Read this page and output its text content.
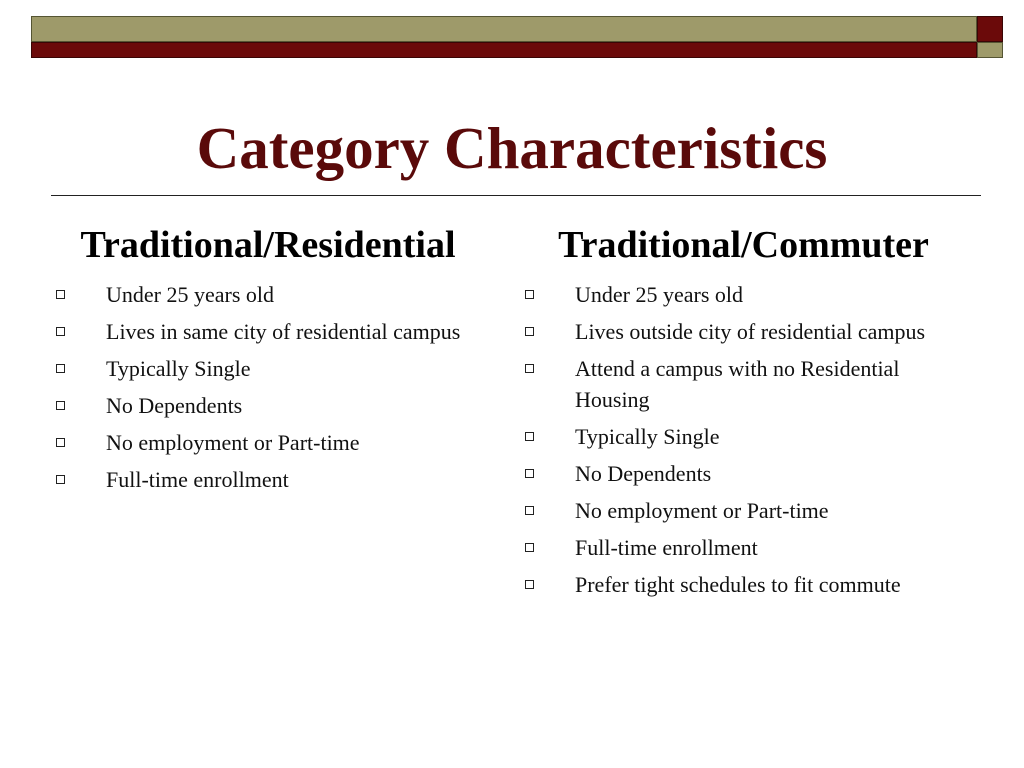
Category Characteristics
Traditional/Residential
Under 25 years old
Lives in same city of residential campus
Typically Single
No Dependents
No employment or Part-time
Full-time enrollment
Traditional/Commuter
Under 25 years old
Lives outside city of residential campus
Attend a campus with no Residential Housing
Typically Single
No Dependents
No employment or Part-time
Full-time enrollment
Prefer tight schedules to fit commute
